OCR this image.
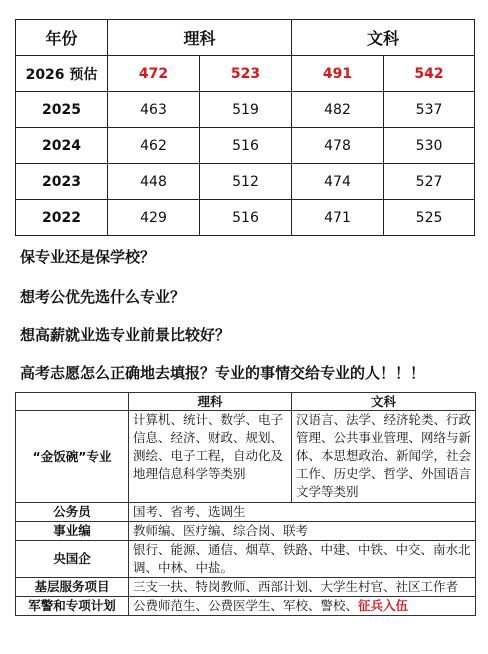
年份	理科		文科	
2026 预估	472	523	491	542
2025	463	519	482	537
2024	462	516	478	530
2023	448	512	474	527
2022	429	516	471	525

保专业还是保学校？

想考公优先选什么专业？

想高薪就业选专业前景比较好？

高考志愿怎么正确地去填报？专业的事情交给专业的人！！！

	理科	文科
“金饭碗”专业	计算机、统计、数学、电子信息、经济、财政、规划、测绘、电子工程，自动化及地理信息科学等类别	汉语言、法学、经济轮类、行政管理、公共事业管理、网络与新体、本思想政治、新闻学，社会工作、历史学、哲学、外国语言文学等类别
公务员	国考、省考、选调生	
事业编	教师编、医疗编、综合岗、联考	
央国企	银行、能源、通信、烟草、铁路、中建、中铁、中交、南水北调、中林、中盐。	
基层服务项目	三支一扶、特岗教师、西部计划、大学生村官、社区工作者	
军警和专项计划	公费师范生、公费医学生、军校、警校、征兵入伍	
